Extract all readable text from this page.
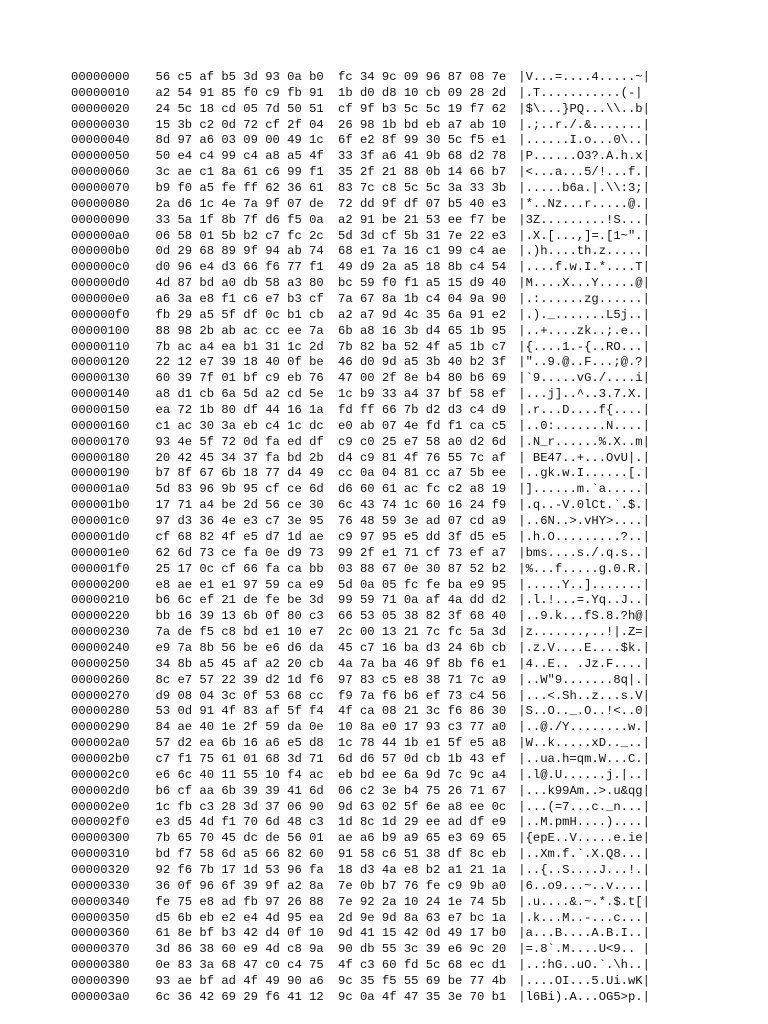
00000000 56 c5 af b5 3d 93 0a b0 fc 34 9c 09 96 87 08 7e |V...=....4.....~|
00000010 a2 54 91 85 f0 c9 fb 91 1b d0 d8 10 cb 09 28 2d |.T...........(-|
00000020 24 5c 18 cd 05 7d 50 51 cf 9f b3 5c 5c 19 f7 62 |$\...}PQ...\\..b|
00000030 15 3b c2 0d 72 cf 2f 04 26 98 1b bd eb a7 ab 10 |.;..r./.&.......|
00000040 8d 97 a6 03 09 00 49 1c 6f e2 8f 99 30 5c f5 e1 |......I.o...0\..|
00000050 50 e4 c4 99 c4 a8 a5 4f 33 3f a6 41 9b 68 d2 78 |P......O3?.A.h.x|
00000060 3c ae c1 8a 61 c6 99 f1 35 2f 21 88 0b 14 66 b7 |<...a...5/!...f.|
00000070 b9 f0 a5 fe ff 62 36 61 83 7c c8 5c 5c 3a 33 3b |.....b6a.|.\\:3;|
00000080 2a d6 1c 4e 7a 9f 07 de 72 dd 9f df 07 b5 40 e3 |*..Nz...r.....@.|
00000090 33 5a 1f 8b 7f d6 f5 0a a2 91 be 21 53 ee f7 be |3Z.........!S...|
000000a0 06 58 01 5b b2 c7 fc 2c 5d 3d cf 5b 31 7e 22 e3 |.X.[...,]=.[1~".|
000000b0 0d 29 68 89 9f 94 ab 74 68 e1 7a 16 c1 99 c4 ae |.)h....th.z.....|
000000c0 d0 96 e4 d3 66 f6 77 f1 49 d9 2a a5 18 8b c4 54 |....f.w.I.*....T|
000000d0 4d 87 bd a0 db 58 a3 80 bc 59 f0 f1 a5 15 d9 40 |M....X...Y.....@|
000000e0 a6 3a e8 f1 c6 e7 b3 cf 7a 67 8a 1b c4 04 9a 90 |.:......zg......|
000000f0 fb 29 a5 5f df 0c b1 cb a2 a7 9d 4c 35 6a 91 e2 |.)._.......L5j..|
00000100 88 98 2b ab ac cc ee 7a 6b a8 16 3b d4 65 1b 95 |..+....zk..;.e..|
00000110 7b ac a4 ea b1 31 1c 2d 7b 82 ba 52 4f a5 1b c7 |{....1.-{..RO...|
00000120 22 12 e7 39 18 40 0f be 46 d0 9d a5 3b 40 b2 3f |"..9.@..F...;@.?|
00000130 60 39 7f 01 bf c9 eb 76 47 00 2f 8e b4 80 b6 69 |`9.....vG./....i|
00000140 a8 d1 cb 6a 5d a2 cd 5e 1c b9 33 a4 37 bf 58 ef |...j]..^..3.7.X.|
00000150 ea 72 1b 80 df 44 16 1a fd ff 66 7b d2 d3 c4 d9 |.r...D....f{....|
00000160 c1 ac 30 3a eb c4 1c dc e0 ab 07 4e fd f1 ca c5 |..0:.......N....|
00000170 93 4e 5f 72 0d fa ed df c9 c0 25 e7 58 a0 d2 6d |.N_r......%.X..m|
00000180 20 42 45 34 37 fa bd 2b d4 c9 81 4f 76 55 7c af | BE47..+...OvU|.|
00000190 b7 8f 67 6b 18 77 d4 49 cc 0a 04 81 cc a7 5b ee |..gk.w.I......[.|
000001a0 5d 83 96 9b 95 cf ce 6d d6 60 61 ac fc c2 a8 19 |]......m.`a.....|
000001b0 17 71 a4 be 2d 56 ce 30 6c 43 74 1c 60 16 24 f9 |.q..-V.0lCt.`.$.|
000001c0 97 d3 36 4e e3 c7 3e 95 76 48 59 3e ad 07 cd a9 |..6N..>.vHY>....|
000001d0 cf 68 82 4f e5 d7 1d ae c9 97 95 e5 dd 3f d5 e5 |.h.O.........?..|
000001e0 62 6d 73 ce fa 0e d9 73 99 2f e1 71 cf 73 ef a7 |bms....s./.q.s..|
000001f0 25 17 0c cf 66 fa ca bb 03 88 67 0e 30 87 52 b2 |%...f.....g.0.R.|
00000200 e8 ae e1 e1 97 59 ca e9 5d 0a 05 fc fe ba e9 95 |.....Y..].......|
00000210 b6 6c ef 21 de fe be 3d 99 59 71 0a af 4a dd d2 |.l.!...=.Yq..J..|
00000220 bb 16 39 13 6b 0f 80 c3 66 53 05 38 82 3f 68 40 |..9.k...fS.8.?h@|
00000230 7a de f5 c8 bd e1 10 e7 2c 00 13 21 7c fc 5a 3d |z.......,..!|.Z=|
00000240 e9 7a 8b 56 be e6 d6 da 45 c7 16 ba d3 24 6b cb |.z.V....E....$k.|
00000250 34 8b a5 45 af a2 20 cb 4a 7a ba 46 9f 8b f6 e1 |4..E.. .Jz.F....|
00000260 8c e7 57 22 39 d2 1d f6 97 83 c5 e8 38 71 7c a9 |..W"9.......8q|.|
00000270 d9 08 04 3c 0f 53 68 cc f9 7a f6 b6 ef 73 c4 56 |...<.Sh..z...s.V|
00000280 53 0d 91 4f 83 af 5f f4 4f ca 08 21 3c f6 86 30 |S..O.._.O..!<..0|
00000290 84 ae 40 1e 2f 59 da 0e 10 8a e0 17 93 c3 77 a0 |..@./Y........w.|
000002a0 57 d2 ea 6b 16 a6 e5 d8 1c 78 44 1b e1 5f e5 a8 |W..k.....xD.._..|
000002b0 c7 f1 75 61 01 68 3d 71 6d d6 57 0d cb 1b 43 ef |..ua.h=qm.W...C.|
000002c0 e6 6c 40 11 55 10 f4 ac eb bd ee 6a 9d 7c 9c a4 |.l@.U......j.|..|
000002d0 b6 cf aa 6b 39 39 41 6d 06 c2 3e b4 75 26 71 67 |...k99Am..>.u&qg|
000002e0 1c fb c3 28 3d 37 06 90 9d 63 02 5f 6e a8 ee 0c |...(=7...c._n...|
000002f0 e3 d5 4d f1 70 6d 48 c3 1d 8c 1d 29 ee ad df e9 |..M.pmH....)....|
00000300 7b 65 70 45 dc de 56 01 ae a6 b9 a9 65 e3 69 65 |{epE..V.....e.ie|
00000310 bd f7 58 6d a5 66 82 60 91 58 c6 51 38 df 8c eb |..Xm.f.`.X.Q8...|
00000320 92 f6 7b 17 1d 53 96 fa 18 d3 4a e8 b2 a1 21 1a |..{..S....J...!.|
00000330 36 0f 96 6f 39 9f a2 8a 7e 0b b7 76 fe c9 9b a0 |6..o9...~..v....|
00000340 fe 75 e8 ad fb 97 26 88 7e 92 2a 10 24 1e 74 5b |.u....&.~.*.$.t[|
00000350 d5 6b eb e2 e4 4d 95 ea 2d 9e 9d 8a 63 e7 bc 1a |.k...M..-...c...|
00000360 61 8e bf b3 42 d4 0f 10 9d 41 15 42 0d 49 17 b0 |a...B....A.B.I..|
00000370 3d 86 38 60 e9 4d c8 9a 90 db 55 3c 39 e6 9c 20 |=.8`.M....U<9.. |
00000380 0e 83 3a 68 47 c0 c4 75 4f c3 60 fd 5c 68 ec d1 |..:hG..uO.`.\h..|
00000390 93 ae bf ad 4f 49 90 a6 9c 35 f5 55 69 be 77 4b |....OI...5.Ui.wK|
000003a0 6c 36 42 69 29 f6 41 12 9c 0a 4f 47 35 3e 70 b1 |l6Bi).A...OG5>p.|
